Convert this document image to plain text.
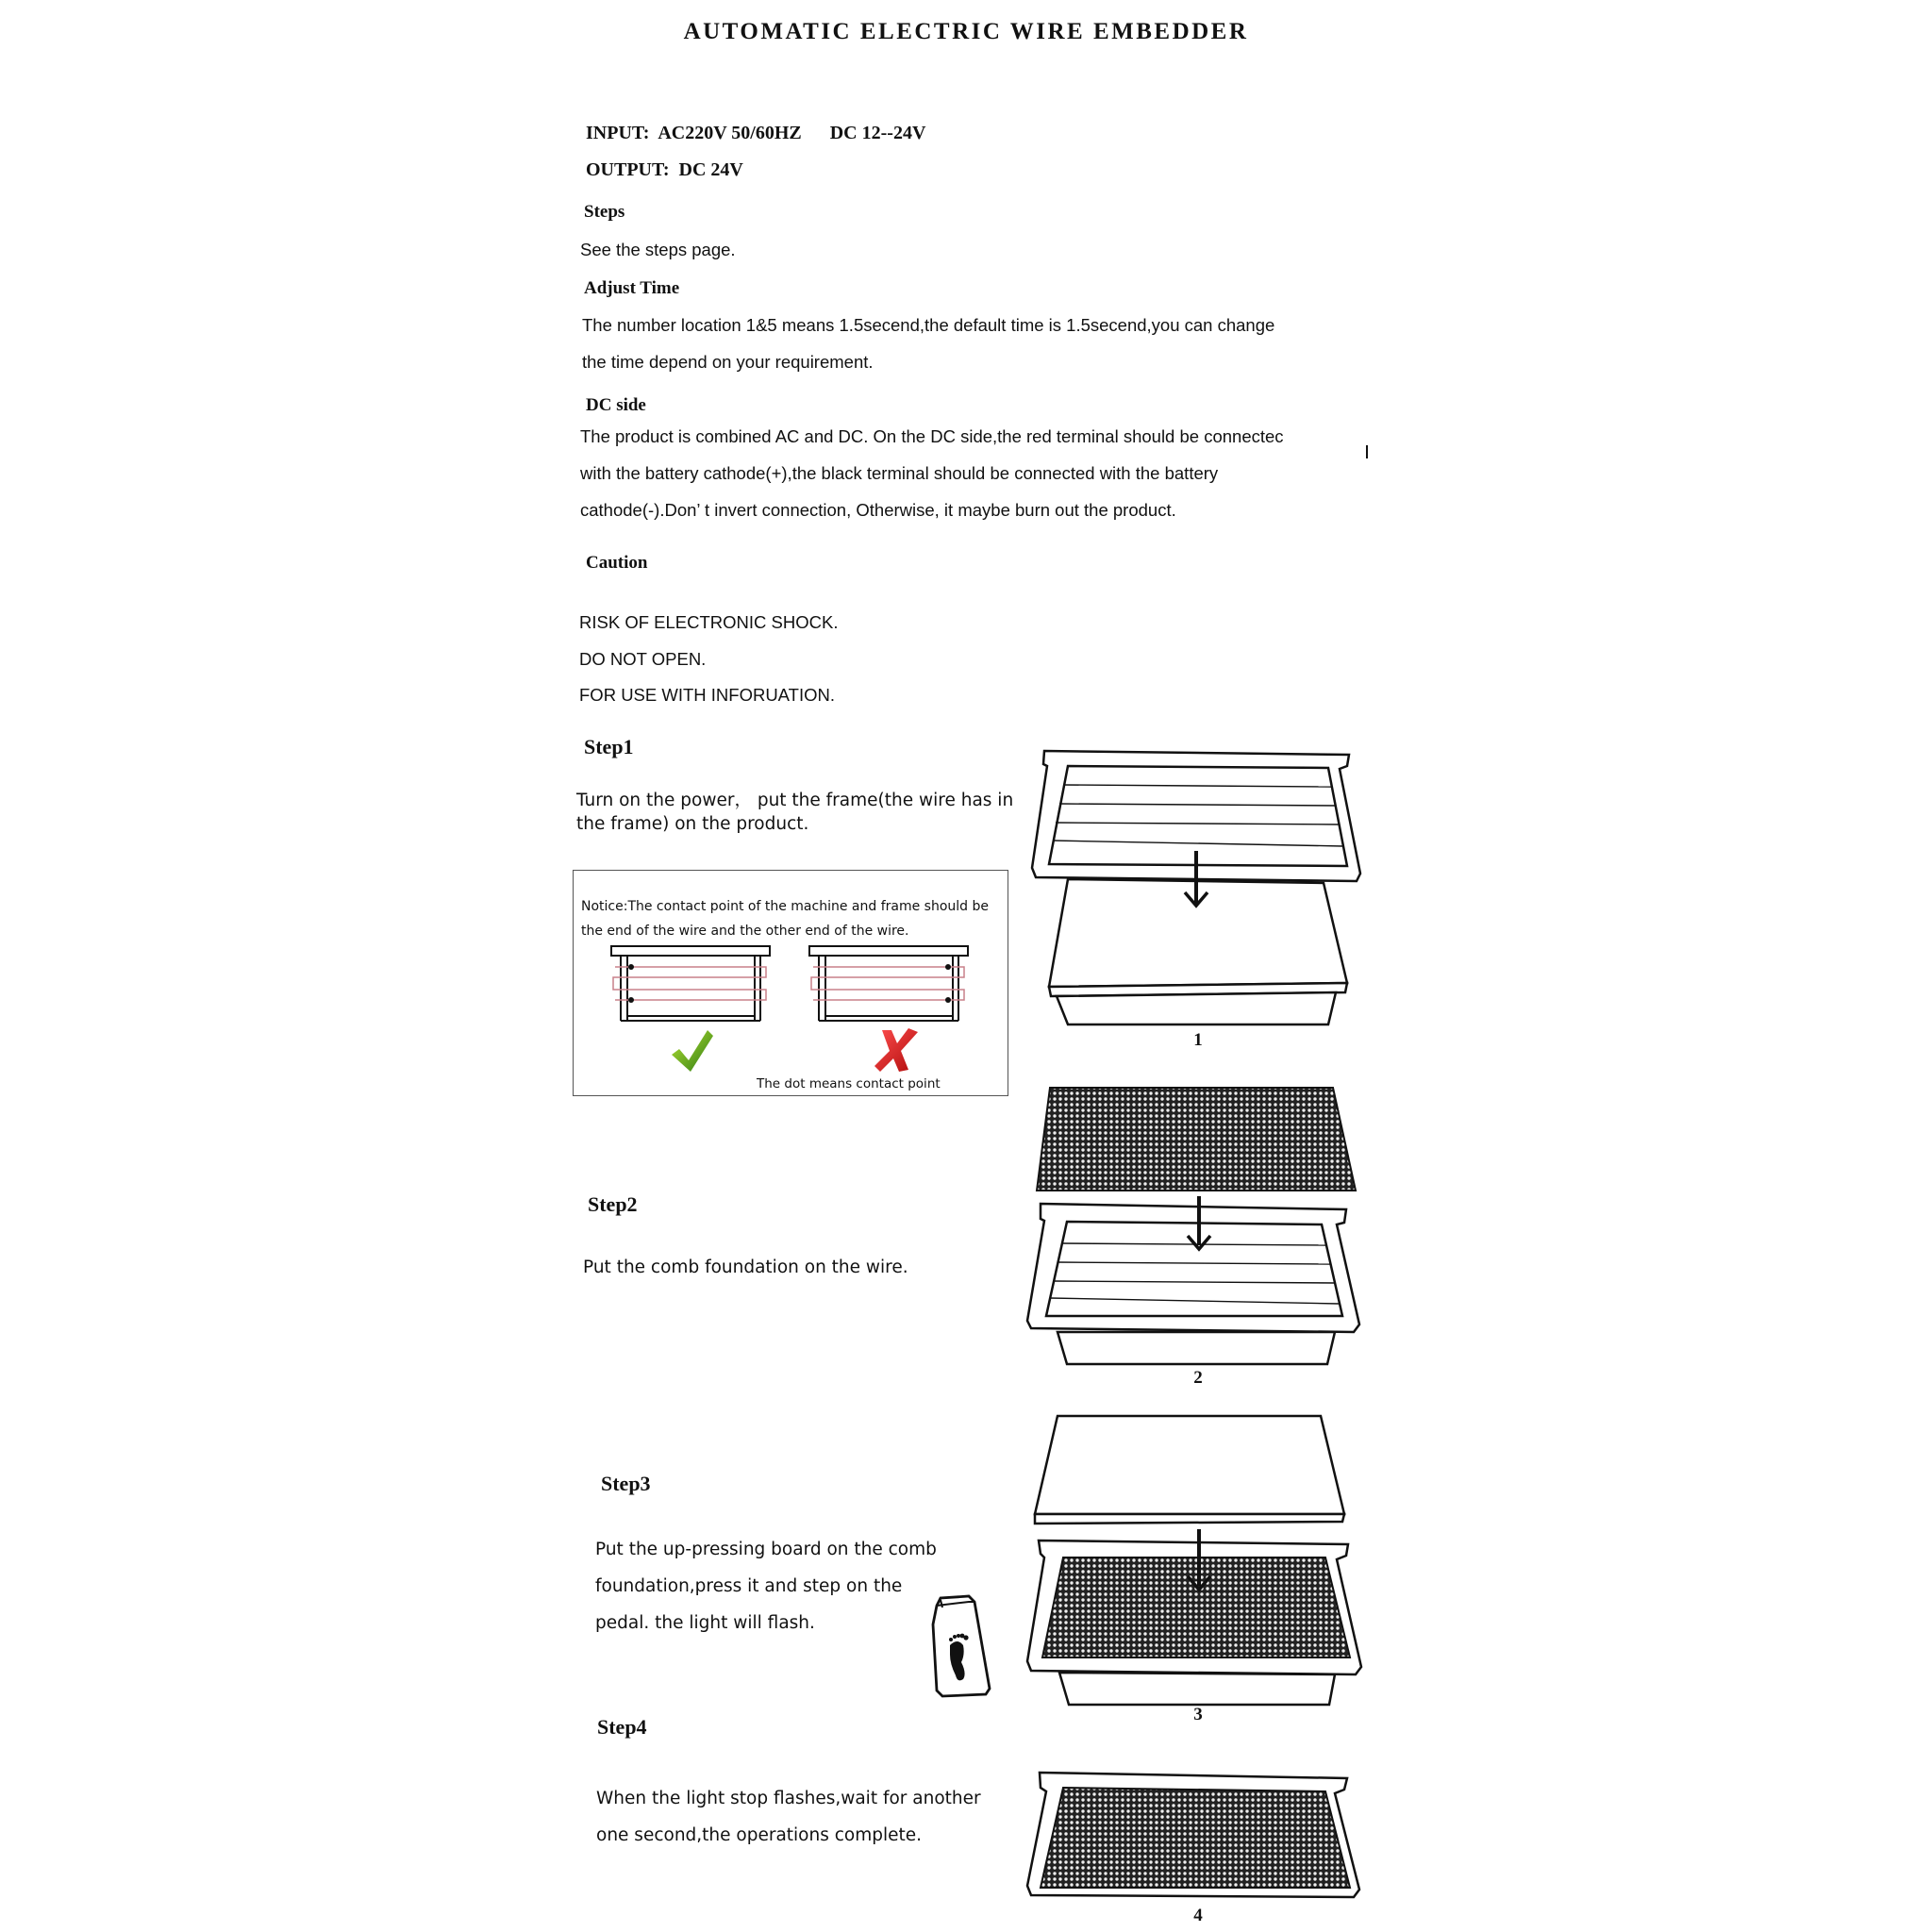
AUTOMATIC ELECTRIC WIRE EMBEDDER
INPUT: AC220V 50/60HZ DC 12--24V
OUTPUT: DC 24V
Steps
See the steps page.
Adjust Time
The number location 1&5 means 1.5secend,the default time is 1.5secend,you can change
the time depend on your requirement.
DC side
The product is combined AC and DC. On the DC side,the red terminal should be connectec
with the battery cathode(+),the black terminal should be connected with the battery
cathode(-).Don’ t invert connection, Otherwise, it maybe burn out the product.
Caution
RISK OF ELECTRONIC SHOCK.
DO NOT OPEN.
FOR USE WITH INFORUATION.
Step1
Turn on the power， put the frame(the wire has in
the frame) on the product.
Notice:The contact point of the machine and frame should be
the end of the wire and the other end of the wire.
The dot means contact point
1
Step2
Put the comb foundation on the wire.
2
Step3
Put the up-pressing board on the comb
foundation,press it and step on the
pedal. the light will flash.
3
Step4
When the light stop flashes,wait for another
one second,the operations complete.
4
